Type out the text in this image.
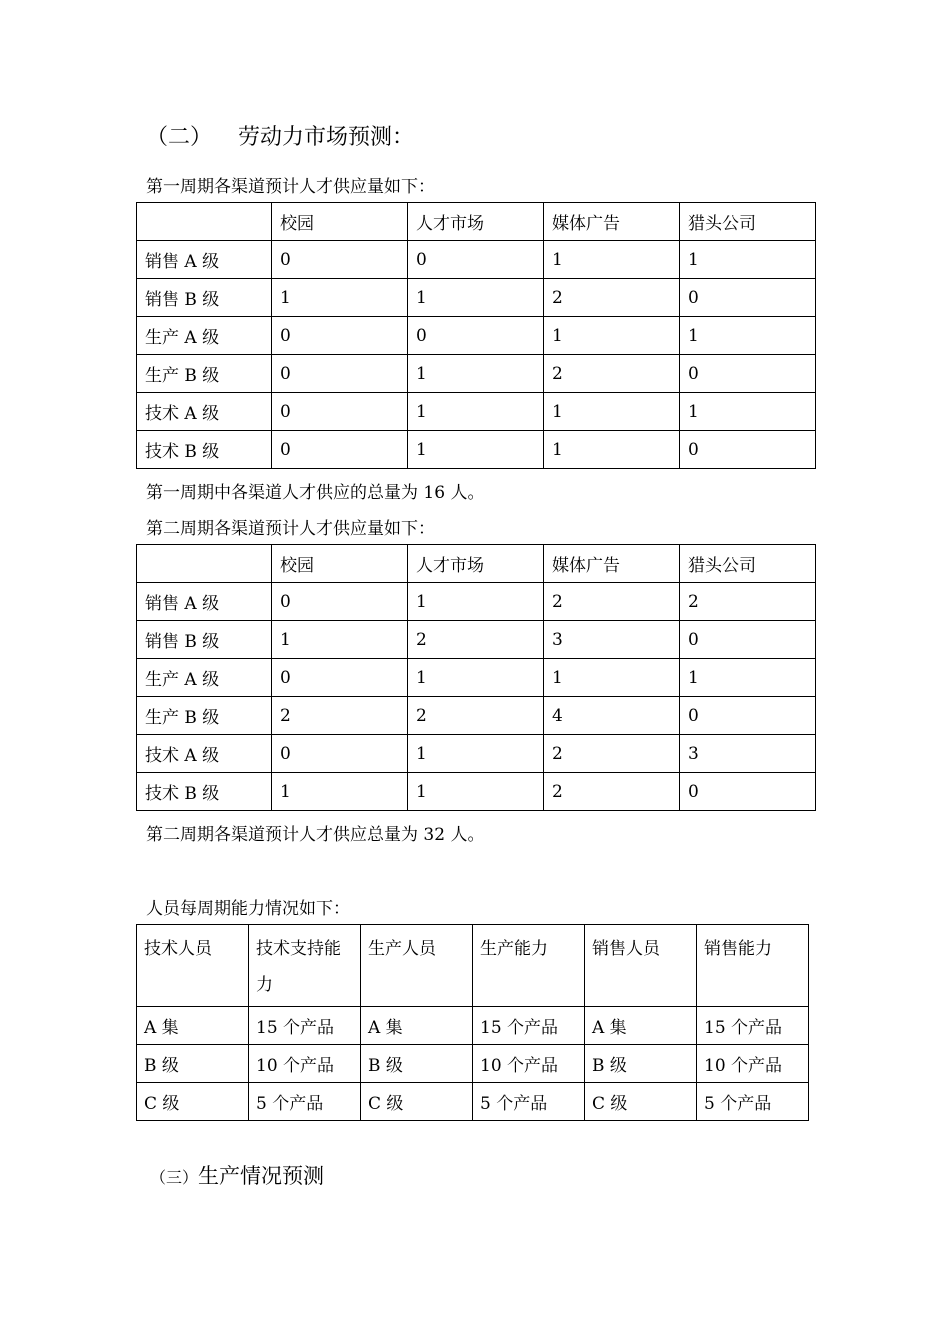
（二） 劳动力市场预测：
第一周期各渠道预计人才供应量如下：
	校园	人才市场	媒体广告	猎头公司
销售 A 级	0	0	1	1
销售 B 级	1	1	2	0
生产 A 级	0	0	1	1
生产 B 级	0	1	2	0
技术 A 级	0	1	1	1
技术 B 级	0	1	1	0
第一周期中各渠道人才供应的总量为 16 人。
第二周期各渠道预计人才供应量如下：
	校园	人才市场	媒体广告	猎头公司
销售 A 级	0	1	2	2
销售 B 级	1	2	3	0
生产 A 级	0	1	1	1
生产 B 级	2	2	4	0
技术 A 级	0	1	2	3
技术 B 级	1	1	2	0
第二周期各渠道预计人才供应总量为 32 人。
人员每周期能力情况如下：
技术人员	技术支持能力	生产人员	生产能力	销售人员	销售能力
A 集	15 个产品	A 集	15 个产品	A 集	15 个产品
B 级	10 个产品	B 级	10 个产品	B 级	10 个产品
C 级	5 个产品	C 级	5 个产品	C 级	5 个产品
（三）生产情况预测
